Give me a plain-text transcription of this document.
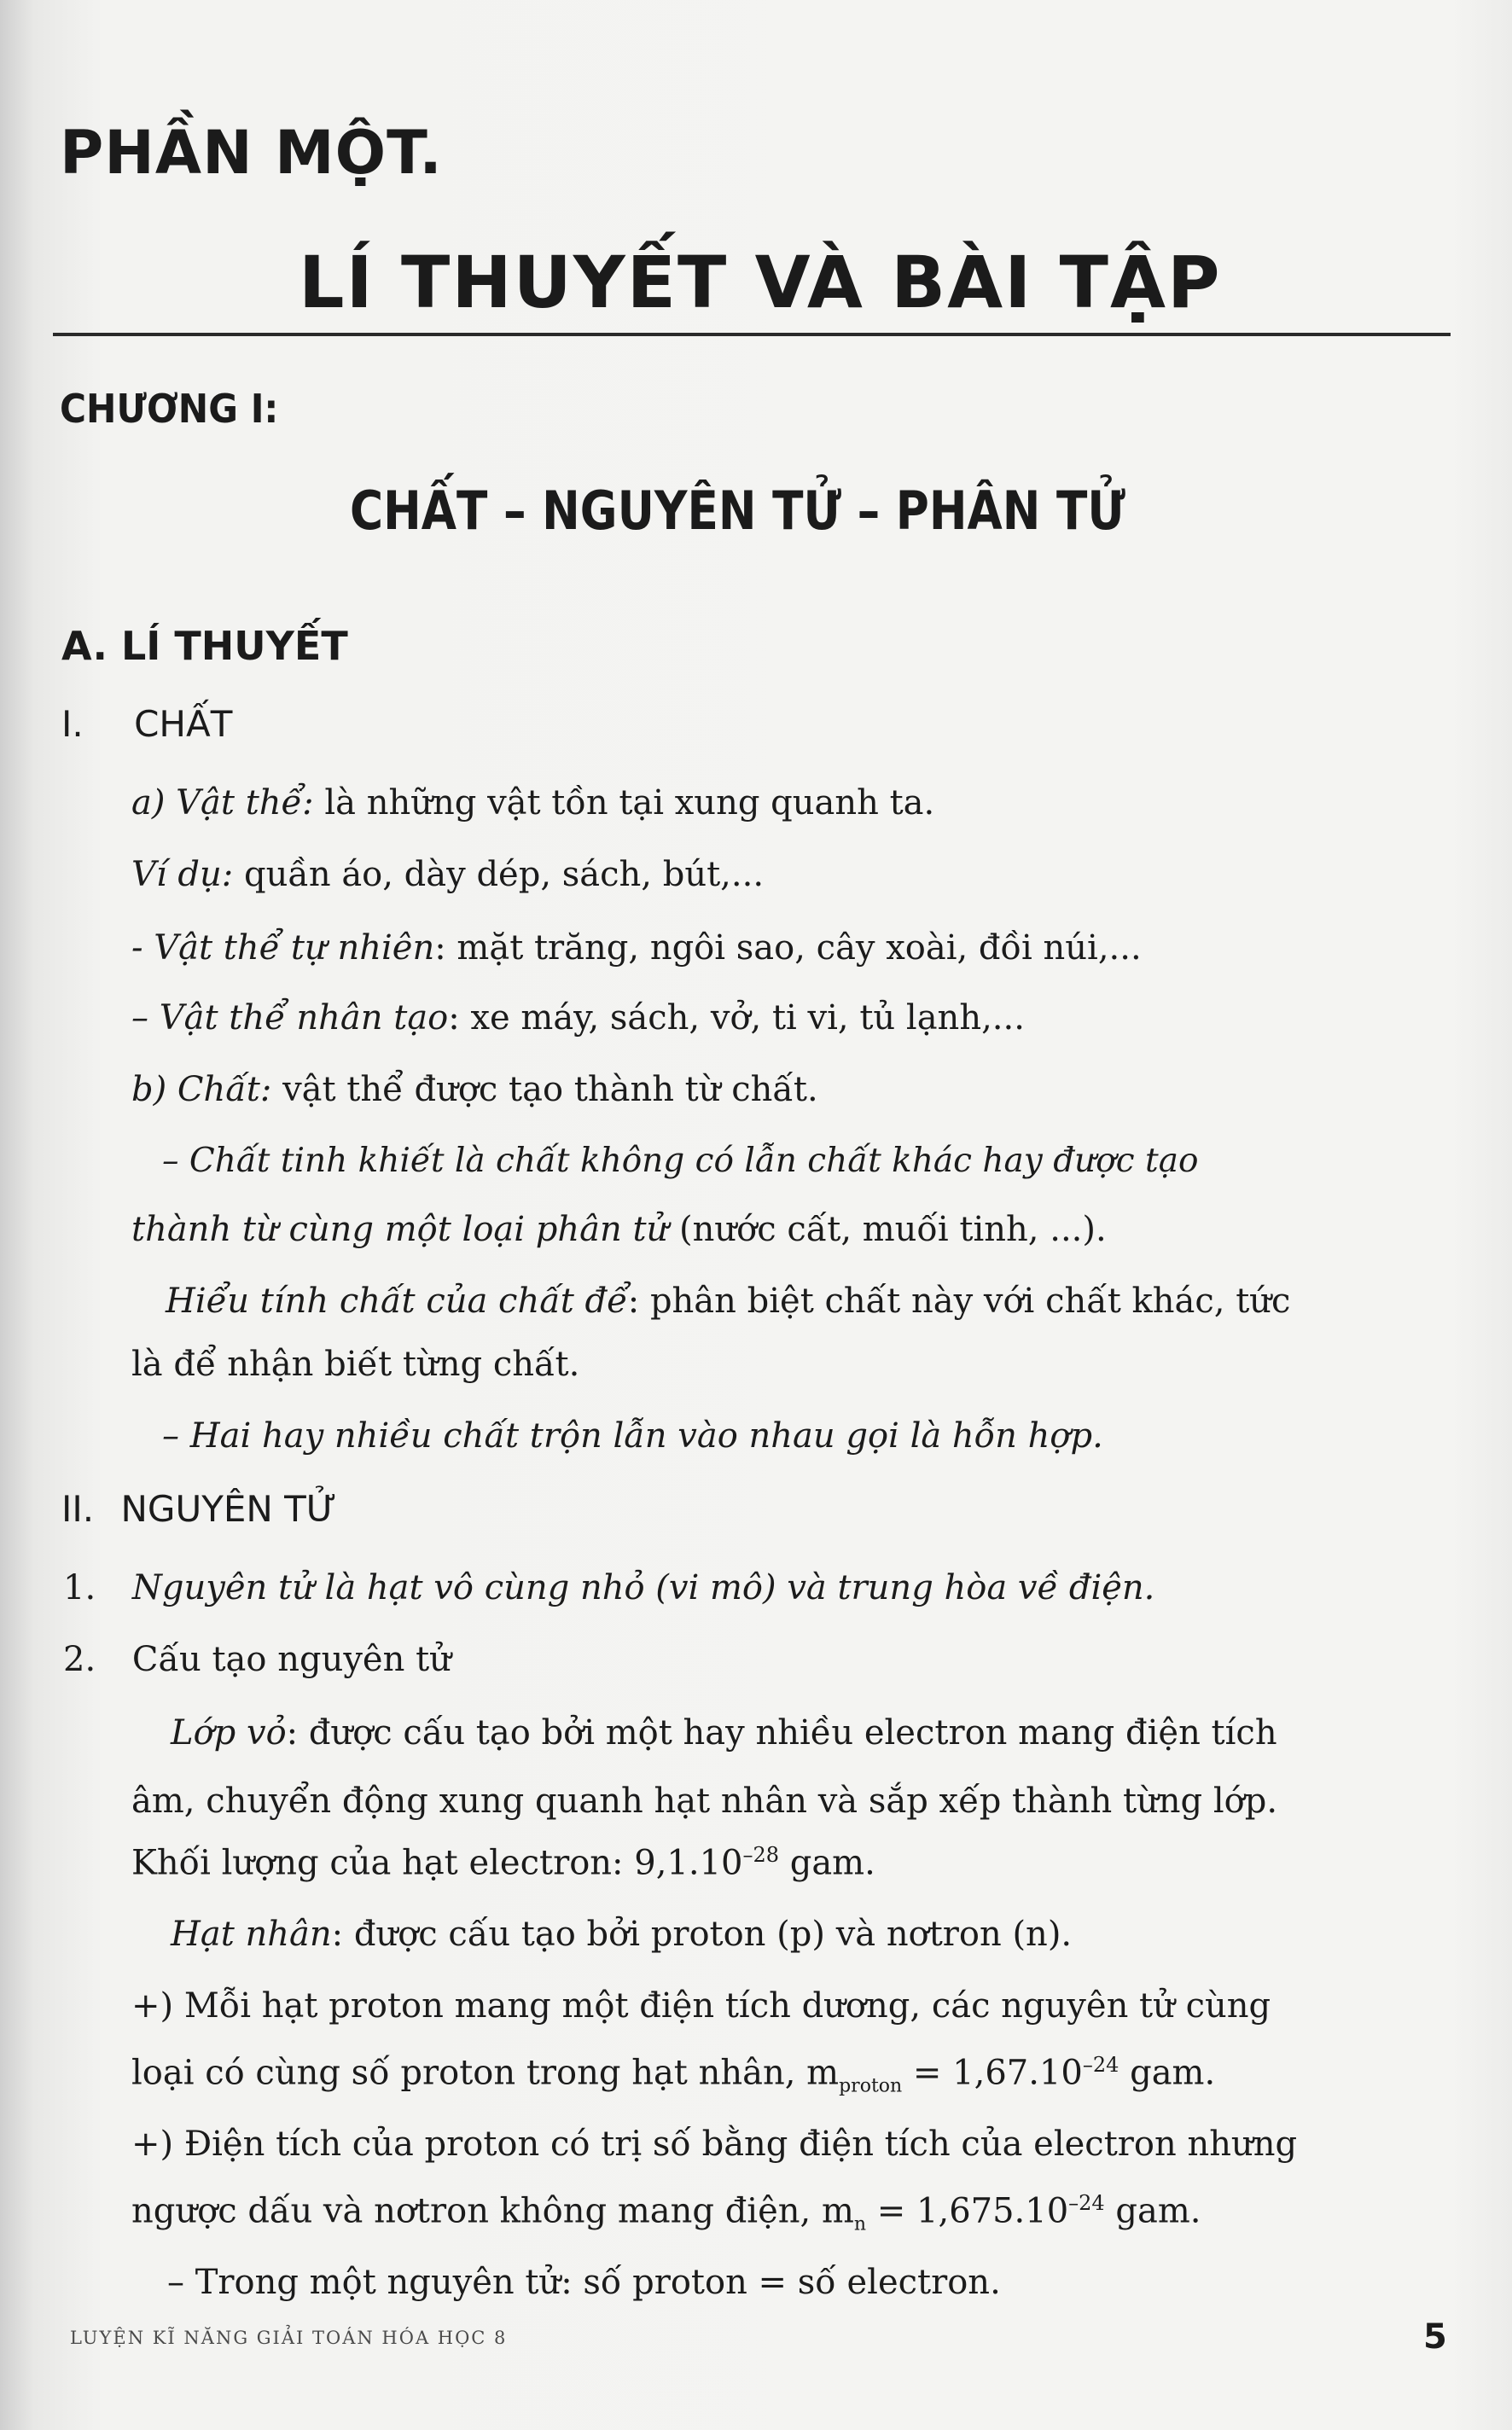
PHẦN MỘT.
LÍ THUYẾT VÀ BÀI TẬP
CHƯƠNG I:
CHẤT – NGUYÊN TỬ – PHÂN TỬ
A. LÍ THUYẾT
I. CHẤT

a) Vật thể: là những vật tồn tại xung quanh ta.

Ví dụ: quần áo, dày dép, sách, bút,...

- Vật thể tự nhiên: mặt trăng, ngôi sao, cây xoài, đồi núi,...

– Vật thể nhân tạo: xe máy, sách, vở, ti vi, tủ lạnh,...

b) Chất: vật thể được tạo thành từ chất.

– Chất tinh khiết là chất không có lẫn chất khác hay được tạo

thành từ cùng một loại phân tử (nước cất, muối tinh, ...).

Hiểu tính chất của chất để: phân biệt chất này với chất khác, tức

là để nhận biết từng chất.

– Hai hay nhiều chất trộn lẫn vào nhau gọi là hỗn hợp.

II. NGUYÊN TỬ

1. Nguyên tử là hạt vô cùng nhỏ (vi mô) và trung hòa về điện.

2. Cấu tạo nguyên tử

Lớp vỏ: được cấu tạo bởi một hay nhiều electron mang điện tích

âm, chuyển động xung quanh hạt nhân và sắp xếp thành từng lớp.

Khối lượng của hạt electron: $9,1.10^{-28}$ gam.

Hạt nhân: được cấu tạo bởi proton (p) và nơtron (n).

+) Mỗi hạt proton mang một điện tích dương, các nguyên tử cùng

loại có cùng số proton trong hạt nhân, $m_{proton} = 1,67.10^{-24}$ gam.

+) Điện tích của proton có trị số bằng điện tích của electron nhưng

ngược dấu và nơtron không mang điện, $m_n = 1,675.10^{-24}$ gam.

– Trong một nguyên tử: số proton = số electron.

LUYỆN KĨ NĂNG GIẢI TOÁN HÓA HỌC 8	5
